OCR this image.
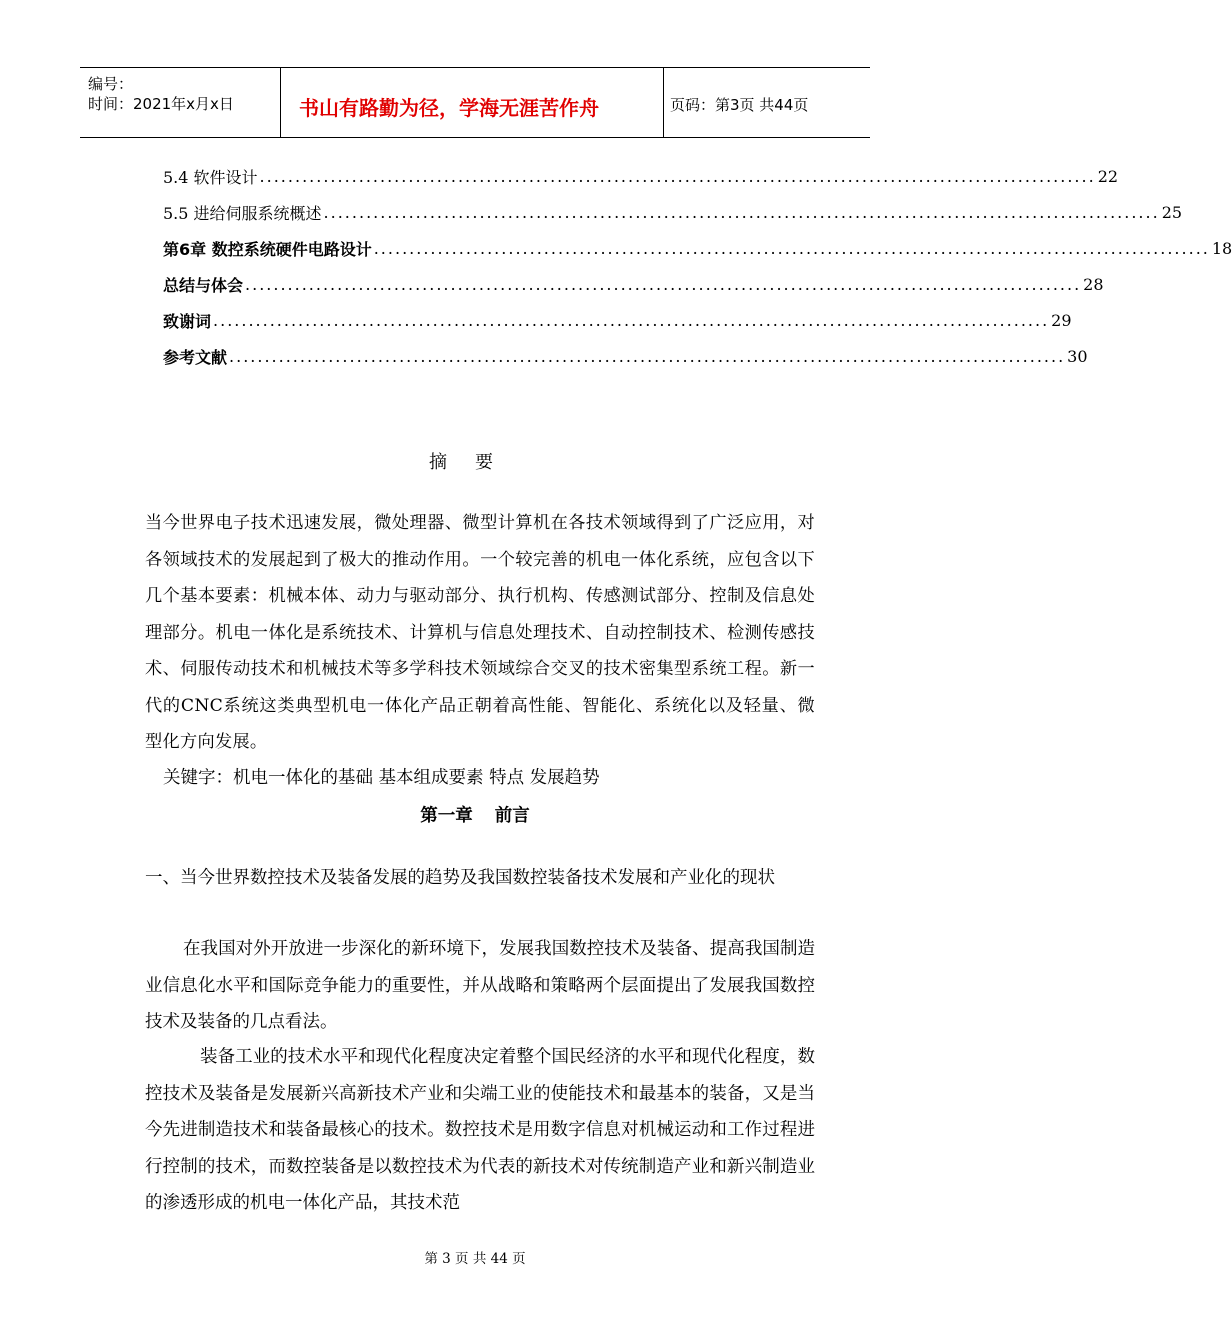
编号：
时间：2021年x月x日	书山有路勤为径，学海无涯苦作舟	页码：第3页 共44页
5.4 软件设计 ...................................................................................................................... 22
5.5 进给伺服系统概述 ...................................................................................................................... 25
第6章 数控系统硬件电路设计 ...................................................................................................................... 18
总结与体会 ...................................................................................................................... 28
致谢词 ...................................................................................................................... 29
参考文献 ...................................................................................................................... 30
摘要
当今世界电子技术迅速发展，微处理器、微型计算机在各技术领域得到了广泛应用，对各领域技术的发展起到了极大的推动作用。一个较完善的机电一体化系统，应包含以下几个基本要素：机械本体、动力与驱动部分、执行机构、传感测试部分、控制及信息处理部分。机电一体化是系统技术、计算机与信息处理技术、自动控制技术、检测传感技术、伺服传动技术和机械技术等多学科技术领域综合交叉的技术密集型系统工程。新一代的CNC系统这类典型机电一体化产品正朝着高性能、智能化、系统化以及轻量、微型化方向发展。
关键字：机电一体化的基础 基本组成要素 特点 发展趋势
第一章 前言
一、当今世界数控技术及装备发展的趋势及我国数控装备技术发展和产业化的现状
在我国对外开放进一步深化的新环境下，发展我国数控技术及装备、提高我国制造业信息化水平和国际竞争能力的重要性，并从战略和策略两个层面提出了发展我国数控技术及装备的几点看法。
装备工业的技术水平和现代化程度决定着整个国民经济的水平和现代化程度，数控技术及装备是发展新兴高新技术产业和尖端工业的使能技术和最基本的装备，又是当今先进制造技术和装备最核心的技术。数控技术是用数字信息对机械运动和工作过程进行控制的技术，而数控装备是以数控技术为代表的新技术对传统制造产业和新兴制造业的渗透形成的机电一体化产品，其技术范
第 3 页 共 44 页
